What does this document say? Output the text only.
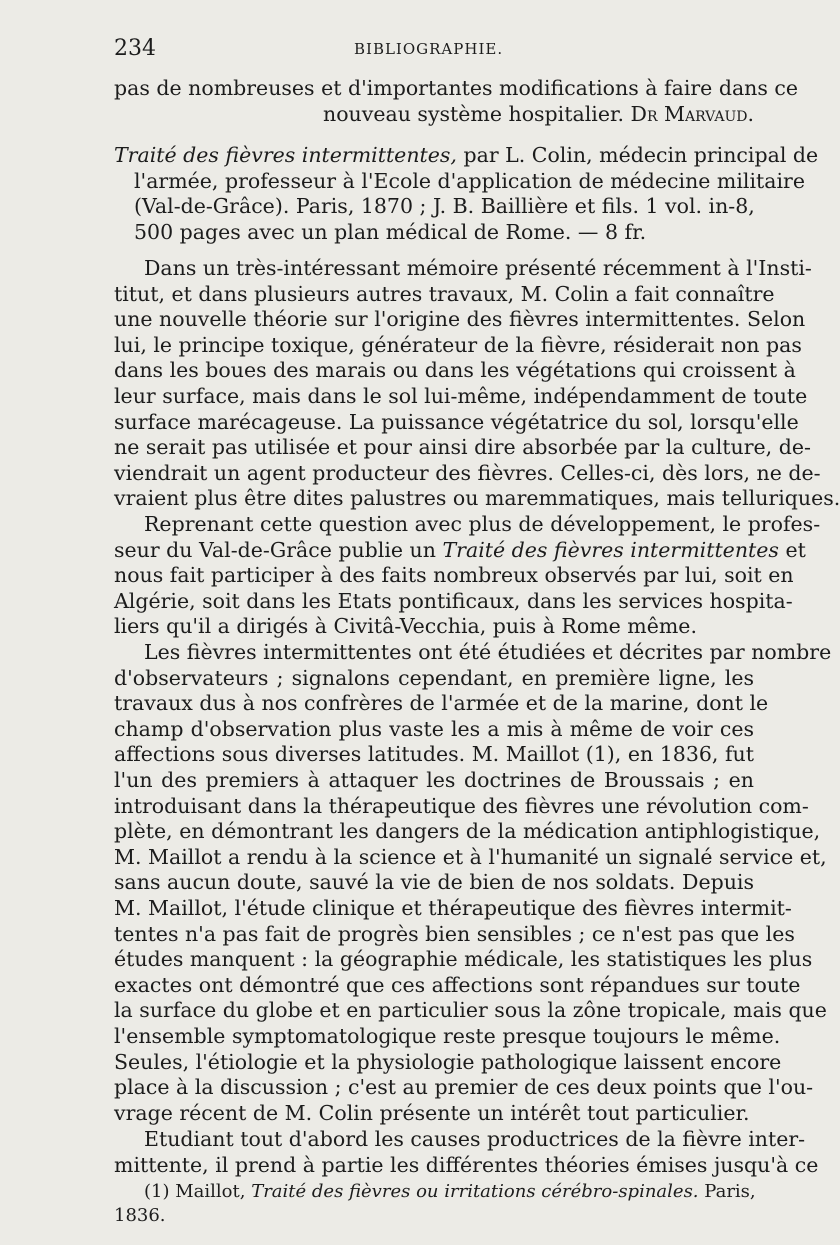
234	BIBLIOGRAPHIE.
pas de nombreuses et d'importantes modifications à faire dans ce
nouveau système hospitalier. Dr Marvaud.
Traité des fièvres intermittentes, par L. Colin, médecin principal de
l'armée, professeur à l'Ecole d'application de médecine militaire
(Val-de-Grâce). Paris, 1870 ; J. B. Baillière et fils. 1 vol. in-8,
500 pages avec un plan médical de Rome. — 8 fr.
Dans un très-intéressant mémoire présenté récemment à l'Insti-
titut, et dans plusieurs autres travaux, M. Colin a fait connaître
une nouvelle théorie sur l'origine des fièvres intermittentes. Selon
lui, le principe toxique, générateur de la fièvre, résiderait non pas
dans les boues des marais ou dans les végétations qui croissent à
leur surface, mais dans le sol lui-même, indépendamment de toute
surface marécageuse. La puissance végétatrice du sol, lorsqu'elle
ne serait pas utilisée et pour ainsi dire absorbée par la culture, de-
viendrait un agent producteur des fièvres. Celles-ci, dès lors, ne de-
vraient plus être dites palustres ou maremmatiques, mais telluriques.
Reprenant cette question avec plus de développement, le profes-
seur du Val-de-Grâce publie un Traité des fièvres intermittentes et
nous fait participer à des faits nombreux observés par lui, soit en
Algérie, soit dans les Etats pontificaux, dans les services hospita-
liers qu'il a dirigés à Civitâ-Vecchia, puis à Rome même.
Les fièvres intermittentes ont été étudiées et décrites par nombre
d'observateurs ; signalons cependant, en première ligne, les
travaux dus à nos confrères de l'armée et de la marine, dont le
champ d'observation plus vaste les a mis à même de voir ces
affections sous diverses latitudes. M. Maillot (1), en 1836, fut
l'un des premiers à attaquer les doctrines de Broussais ; en
introduisant dans la thérapeutique des fièvres une révolution com-
plète, en démontrant les dangers de la médication antiphlogistique,
M. Maillot a rendu à la science et à l'humanité un signalé service et,
sans aucun doute, sauvé la vie de bien de nos soldats. Depuis
M. Maillot, l'étude clinique et thérapeutique des fièvres intermit-
tentes n'a pas fait de progrès bien sensibles ; ce n'est pas que les
études manquent : la géographie médicale, les statistiques les plus
exactes ont démontré que ces affections sont répandues sur toute
la surface du globe et en particulier sous la zône tropicale, mais que
l'ensemble symptomatologique reste presque toujours le même.
Seules, l'étiologie et la physiologie pathologique laissent encore
place à la discussion ; c'est au premier de ces deux points que l'ou-
vrage récent de M. Colin présente un intérêt tout particulier.
Etudiant tout d'abord les causes productrices de la fièvre inter-
mittente, il prend à partie les différentes théories émises jusqu'à ce
(1) Maillot, Traité des fièvres ou irritations cérébro-spinales. Paris,
1836.
